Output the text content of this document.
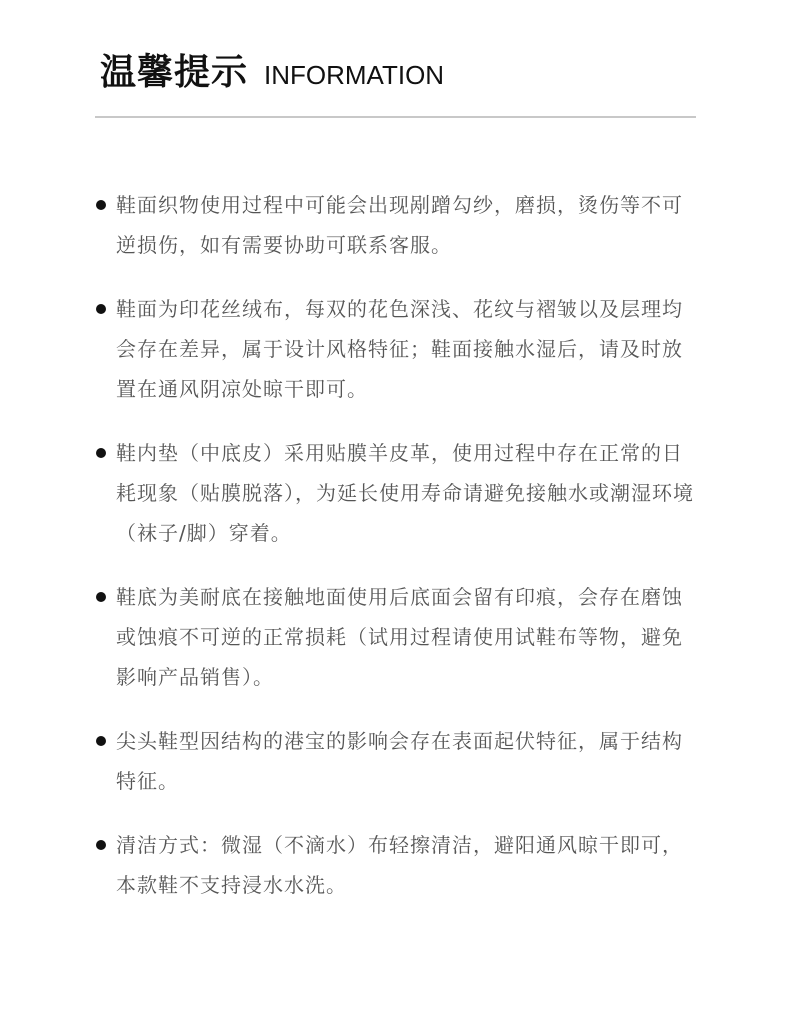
温馨提示 INFORMATION
鞋面织物使用过程中可能会出现剐蹭勾纱，磨损，烫伤等不可逆损伤，如有需要协助可联系客服。
鞋面为印花丝绒布，每双的花色深浅、花纹与褶皱以及层理均会存在差异，属于设计风格特征；鞋面接触水湿后，请及时放置在通风阴凉处晾干即可。
鞋内垫（中底皮）采用贴膜羊皮革，使用过程中存在正常的日耗现象（贴膜脱落），为延长使用寿命请避免接触水或潮湿环境（袜子/脚）穿着。
鞋底为美耐底在接触地面使用后底面会留有印痕，会存在磨蚀或蚀痕不可逆的正常损耗（试用过程请使用试鞋布等物，避免影响产品销售）。
尖头鞋型因结构的港宝的影响会存在表面起伏特征，属于结构特征。
清洁方式：微湿（不滴水）布轻擦清洁，避阳通风晾干即可，本款鞋不支持浸水水洗。
